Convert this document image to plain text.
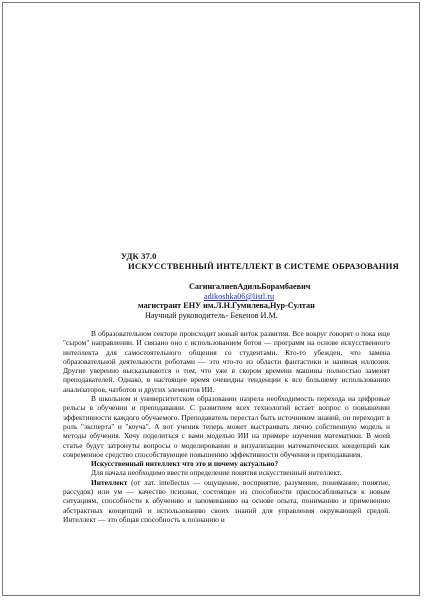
УДК 37.0
ИСКУССТВЕННЫЙ ИНТЕЛЛЕКТ В СИСТЕМЕ ОБРАЗОВАНИЯ
СагингалиевАдильБорамбаевич
adikoshka06@listl.ru
магистрант ЕНУ им.Л.Н.Гумилева,Нур-Султан
Научный руководитель- Бекенов И.М.

В образовательном секторе происходит новый виток развития. Все вокруг говорят о пока еще "сыром" направлении. И связано оно с использованием ботов — программ на основе искусственного интеллекта для самостоятельного общения со студентами. Кто-то убежден, что замена образовательной деятельности роботами — это что-то из области фантастики и наивная иллюзия. Другие уверенно высказываются о том, что уже в скором времени машины полностью заменят преподавателей. Однако, в настоящее время очевидны тенденции к все большему использованию анализаторов, чатботов и других элементов ИИ.

В школьном и университетском образовании назрела необходимость перехода на цифровые рельсы в обучении и преподавании. С развитием всех технологий встает вопрос о повышении эффективности каждого обучаемого. Преподаватель перестал быть источником знаний, он переходит в роль "эксперта" и "коуча". А вот ученик теперь может выстраивать лично собственную модель и методы обучения. Хочу поделиться с вами моделью ИИ на примере изучения математики. В моей статье будут затронуты вопросы о моделировании и визуализации математических концепций как современное средство способствующее повышению эффективности обучения и преподавания.

Искусственный интеллект что это и почему актуально?

Для начала необходимо ввести определение понятия искусственный интеллект.

Интеллект (от лат. intellectus — ощущение, восприятие, разумение, понимание, понятие, рассудок) или ум — качество психики, состоящее из способности приспосабливаться к новым ситуациям, способности к обучению и запоминанию на основе опыта, пониманию и применению абстрактных концепций и использованию своих знаний для управления окружающей средой. Интеллект — это общая способность к познанию и
